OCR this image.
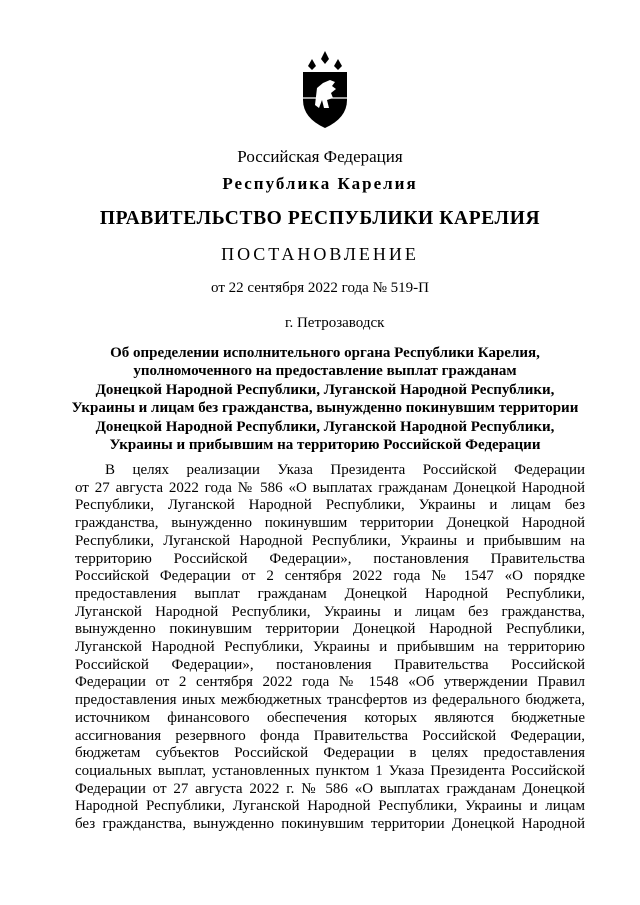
Российская Федерация
Республика Карелия
ПРАВИТЕЛЬСТВО РЕСПУБЛИКИ КАРЕЛИЯ
ПОСТАНОВЛЕНИЕ
от 22 сентября 2022 года № 519-П
г. Петрозаводск
Об определении исполнительного органа Республики Карелия,
уполномоченного на предоставление выплат гражданам
Донецкой Народной Республики, Луганской Народной Республики,
Украины и лицам без гражданства, вынужденно покинувшим территории
Донецкой Народной Республики, Луганской Народной Республики,
Украины и прибывшим на территорию Российской Федерации
В целях реализации Указа Президента Российской Федерации
от 27 августа 2022 года № 586 «О выплатах гражданам Донецкой Народной
Республики, Луганской Народной Республики, Украины и лицам без
гражданства, вынужденно покинувшим территории Донецкой Народной
Республики, Луганской Народной Республики, Украины и прибывшим на
территорию Российской Федерации», постановления Правительства
Российской Федерации от 2 сентября 2022 года № 1547 «О порядке
предоставления выплат гражданам Донецкой Народной Республики,
Луганской Народной Республики, Украины и лицам без гражданства,
вынужденно покинувшим территории Донецкой Народной Республики,
Луганской Народной Республики, Украины и прибывшим на территорию
Российской Федерации», постановления Правительства Российской
Федерации от 2 сентября 2022 года № 1548 «Об утверждении Правил
предоставления иных межбюджетных трансфертов из федерального бюджета,
источником финансового обеспечения которых являются бюджетные
ассигнования резервного фонда Правительства Российской Федерации,
бюджетам субъектов Российской Федерации в целях предоставления
социальных выплат, установленных пунктом 1 Указа Президента Российской
Федерации от 27 августа 2022 г. № 586 «О выплатах гражданам Донецкой
Народной Республики, Луганской Народной Республики, Украины и лицам
без гражданства, вынужденно покинувшим территории Донецкой Народной
